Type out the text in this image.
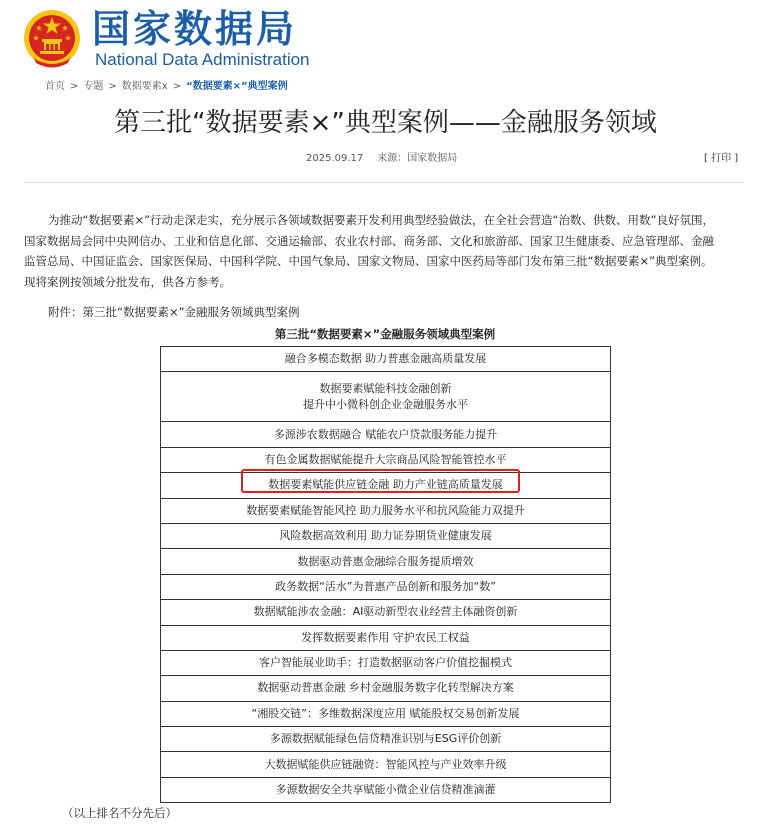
国家数据局
National Data Administration
首页 > 专题 > 数据要素x > “数据要素×”典型案例
第三批“数据要素×”典型案例——金融服务领域
2025.09.17 来源：国家数据局	[ 打印 ]

为推动“数据要素×”行动走深走实，充分展示各领域数据要素开发利用典型经验做法，在全社会营造“治数、供数、用数”良好氛围，

国家数据局会同中央网信办、工业和信息化部、交通运输部、农业农村部、商务部、文化和旅游部、国家卫生健康委、应急管理部、金融

监管总局、中国证监会、国家医保局、中国科学院、中国气象局、国家文物局、国家中医药局等部门发布第三批“数据要素×”典型案例。

现将案例按领域分批发布，供各方参考。

附件：第三批“数据要素×”金融服务领域典型案例
第三批“数据要素×”金融服务领域典型案例
融合多模态数据 助力普惠金融高质量发展

数据要素赋能科技金融创新
提升中小微科创企业金融服务水平

多源涉农数据融合 赋能农户贷款服务能力提升

有色金属数据赋能提升大宗商品风险智能管控水平

数据要素赋能供应链金融 助力产业链高质量发展

数据要素赋能智能风控 助力服务水平和抗风险能力双提升

风险数据高效利用 助力证券期货业健康发展

数据驱动普惠金融综合服务提质增效

政务数据“活水”为普惠产品创新和服务加“数”

数据赋能涉农金融：AI驱动新型农业经营主体融资创新

发挥数据要素作用 守护农民工权益

客户智能展业助手：打造数据驱动客户价值挖掘模式

数据驱动普惠金融 乡村金融服务数字化转型解决方案

“湘股交链”：多维数据深度应用 赋能股权交易创新发展

多源数据赋能绿色信贷精准识别与ESG评价创新

大数据赋能供应链融资：智能风控与产业效率升级

多源数据安全共享赋能小微企业信贷精准滴灌
（以上排名不分先后）
